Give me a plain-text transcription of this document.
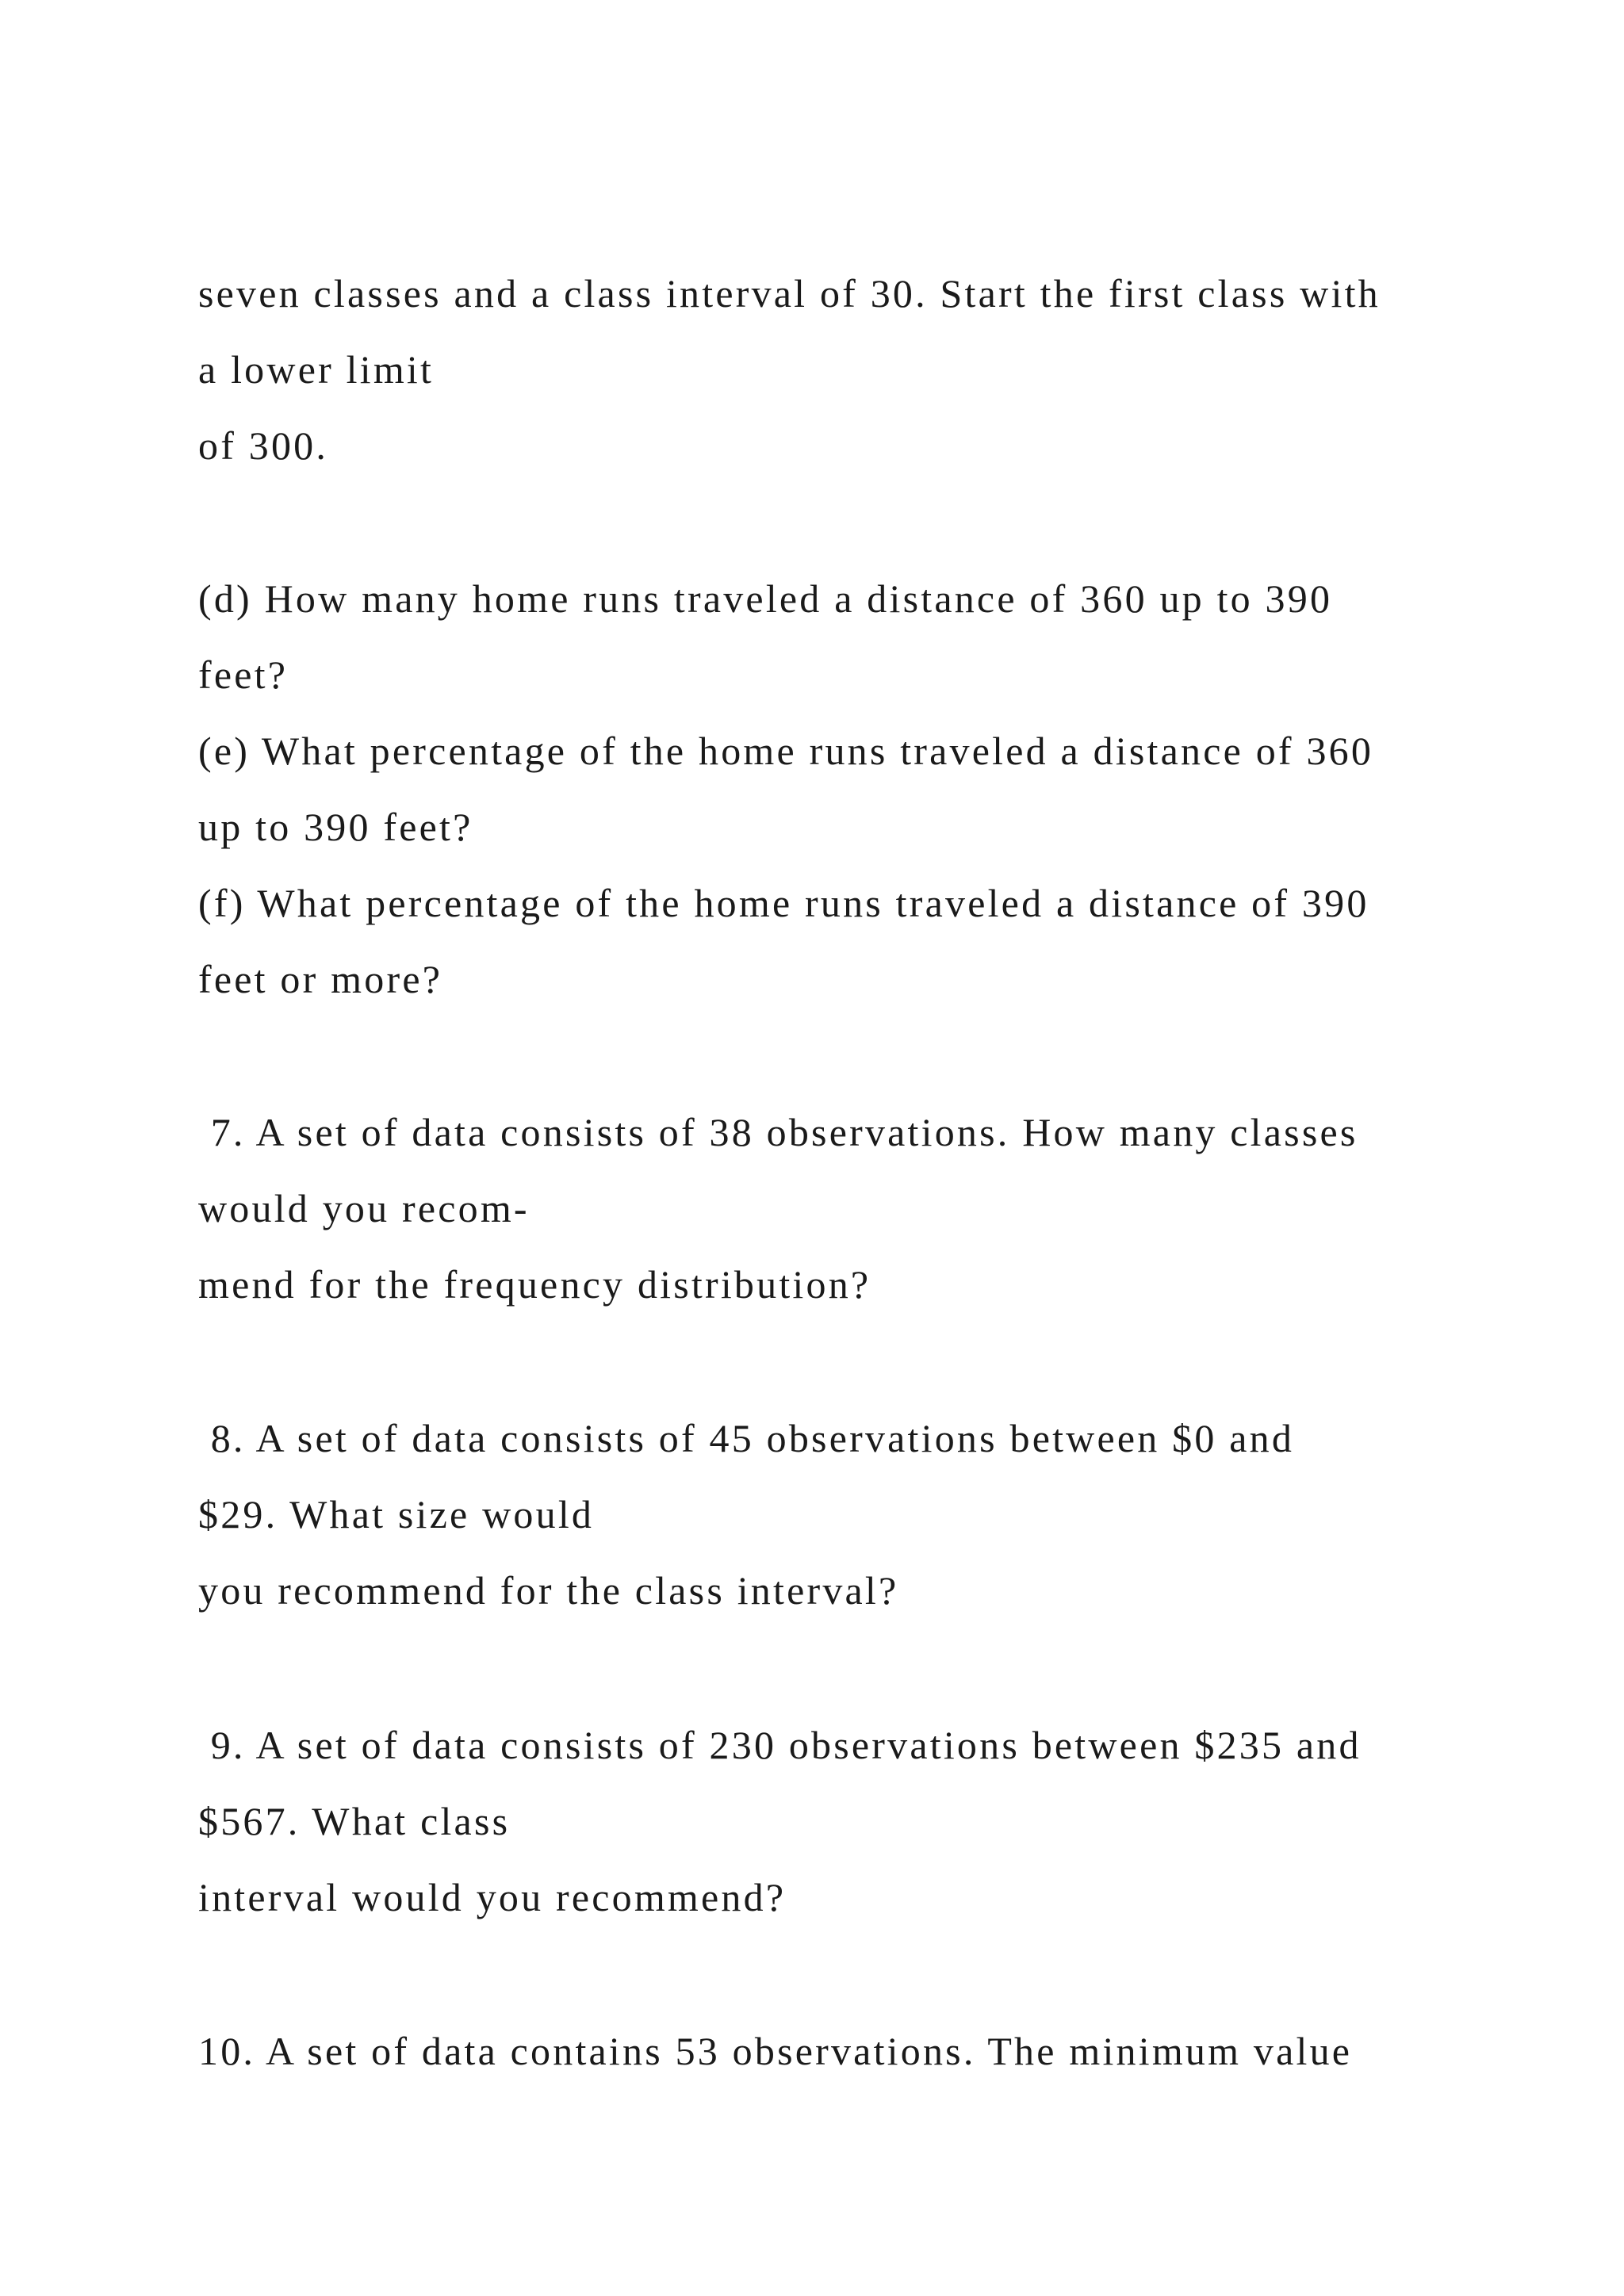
seven classes and a class interval of 30. Start the first class with
a lower limit
of 300.
(d) How many home runs traveled a distance of 360 up to 390
feet?
(e) What percentage of the home runs traveled a distance of 360
up to 390 feet?
(f) What percentage of the home runs traveled a distance of 390
feet or more?
7. A set of data consists of 38 observations. How many classes
would you recom-
mend for the frequency distribution?
8. A set of data consists of 45 observations between $0 and
$29. What size would
you recommend for the class interval?
9. A set of data consists of 230 observations between $235 and
$567. What class
interval would you recommend?
10. A set of data contains 53 observations. The minimum value
